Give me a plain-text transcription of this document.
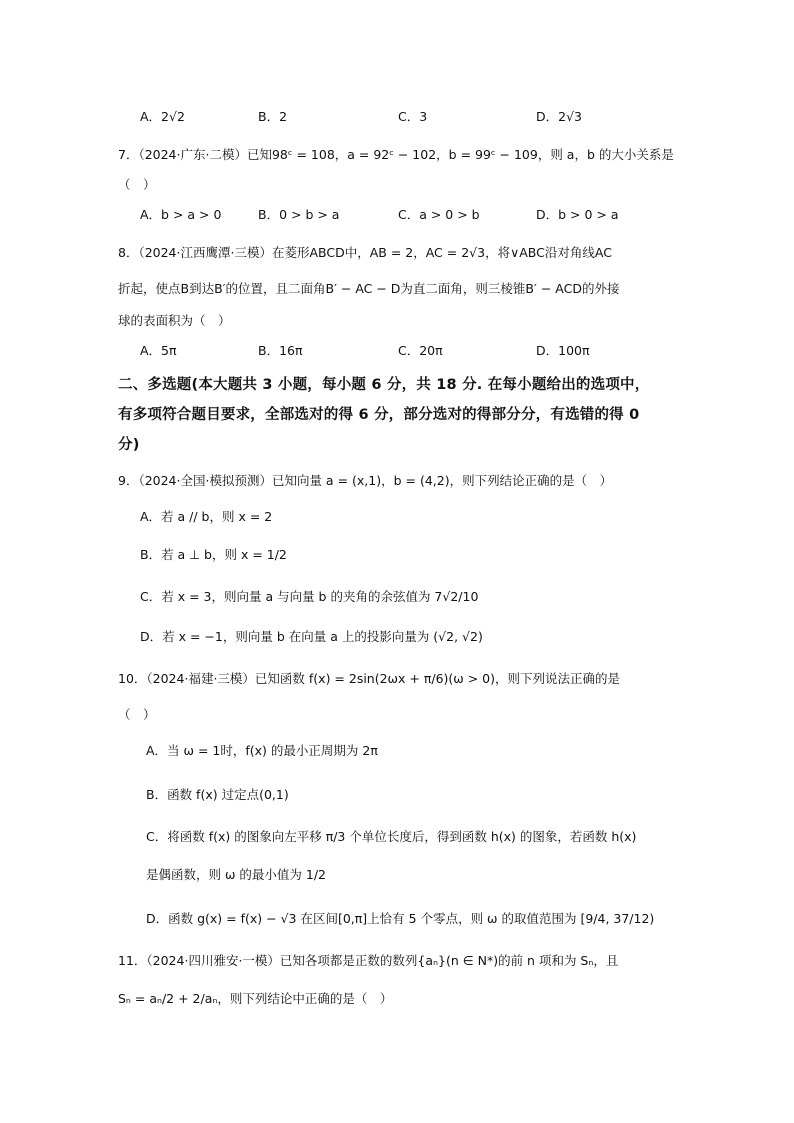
A．2√2	B．2	C．3	D．2√3
7．（2024·广东·二模）已知98ᶜ = 108，a = 92ᶜ − 102，b = 99ᶜ − 109，则 a，b 的大小关系是
（　）
A．b > a > 0	B．0 > b > a	C．a > 0 > b	D．b > 0 > a
8．（2024·江西鹰潭·三模）在菱形ABCD中，AB = 2，AC = 2√3，将∨ABC沿对角线AC
折起，使点B到达B′的位置，且二面角B′ − AC − D为直二面角，则三棱锥B′ − ACD的外接
球的表面积为（　）
A．5π	B．16π	C．20π	D．100π
二、多选题(本大题共 3 小题，每小题 6 分，共 18 分. 在每小题给出的选项中，
有多项符合题目要求，全部选对的得 6 分，部分选对的得部分分，有选错的得 0
分)
9．（2024·全国·模拟预测）已知向量 a = (x,1)，b = (4,2)，则下列结论正确的是（　）
A．若 a // b，则 x = 2
B．若 a ⊥ b，则 x = 1/2
C．若 x = 3，则向量 a 与向量 b 的夹角的余弦值为 7√2/10
D．若 x = −1，则向量 b 在向量 a 上的投影向量为 (√2, √2)
10．（2024·福建·三模）已知函数 f(x) = 2sin(2ωx + π/6)(ω > 0)，则下列说法正确的是
（　）
A．当 ω = 1时，f(x) 的最小正周期为 2π
B．函数 f(x) 过定点(0,1)
C．将函数 f(x) 的图象向左平移 π/3 个单位长度后，得到函数 h(x) 的图象，若函数 h(x)
是偶函数，则 ω 的最小值为 1/2
D．函数 g(x) = f(x) − √3 在区间[0,π]上恰有 5 个零点，则 ω 的取值范围为 [9/4, 37/12)
11．（2024·四川雅安·一模）已知各项都是正数的数列{aₙ}(n ∈ N*)的前 n 项和为 Sₙ，且
Sₙ = aₙ/2 + 2/aₙ，则下列结论中正确的是（　）
